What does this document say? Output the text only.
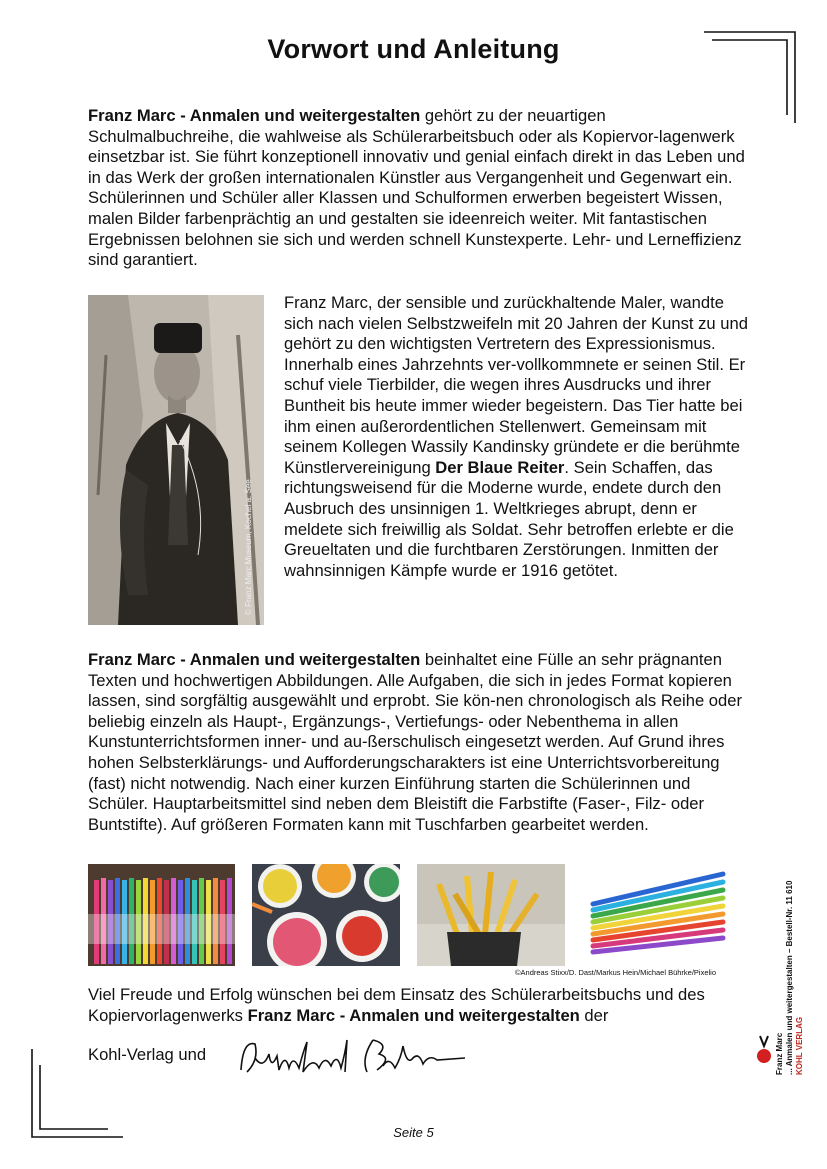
Vorwort und Anleitung
Franz Marc - Anmalen und weitergestalten gehört zu der neuartigen Schulmalbuchreihe, die wahlweise als Schülerarbeitsbuch oder als Kopiervor-lagenwerk einsetzbar ist. Sie führt konzeptionell innovativ und genial einfach direkt in das Leben und in das Werk der großen internationalen Künstler aus Vergangenheit und Gegenwart ein. Schülerinnen und Schüler aller Klassen und Schulformen erwerben begeistert Wissen, malen Bilder farbenprächtig an und gestalten sie ideenreich weiter. Mit fantastischen Ergebnissen belohnen sie sich und werden schnell Kunstexperte. Lehr- und Lerneffizienz sind garantiert.
© Franz Marc Museum, Kochel a. See
Franz Marc, der sensible und zurückhaltende Maler, wandte sich nach vielen Selbstzweifeln mit 20 Jahren der Kunst zu und gehört zu den wichtigsten Vertretern des Expressionismus. Innerhalb eines Jahrzehnts ver-vollkommnete er seinen Stil. Er schuf viele Tierbilder, die wegen ihres Ausdrucks und ihrer Buntheit bis heute immer wieder begeistern. Das Tier hatte bei ihm einen außerordentlichen Stellenwert. Gemeinsam mit seinem Kollegen Wassily Kandinsky gründete er die berühmte Künstlervereinigung Der Blaue Reiter. Sein Schaffen, das richtungsweisend für die Moderne wurde, endete durch den Ausbruch des unsinnigen 1. Weltkrieges abrupt, denn er meldete sich freiwillig als Soldat. Sehr betroffen erlebte er die Greueltaten und die furchtbaren Zerstörungen. Inmitten der wahnsinnigen Kämpfe wurde er 1916 getötet.
Franz Marc - Anmalen und weitergestalten beinhaltet eine Fülle an sehr prägnanten Texten und hochwertigen Abbildungen. Alle Aufgaben, die sich in jedes Format kopieren lassen, sind sorgfältig ausgewählt und erprobt. Sie kön-nen chronologisch als Reihe oder beliebig einzeln als Haupt-, Ergänzungs-, Vertiefungs- oder Nebenthema in allen Kunstunterrichtsformen inner- und au-ßerschulisch eingesetzt werden. Auf Grund ihres hohen Selbsterklärungs- und Aufforderungscharakters ist eine Unterrichtsvorbereitung (fast) nicht notwendig. Nach einer kurzen Einführung starten die Schülerinnen und Schüler. Hauptarbeitsmittel sind neben dem Bleistift die Farbstifte (Faser-, Filz- oder Buntstifte). Auf größeren Formaten kann mit Tuschfarben gearbeitet werden.
©Andreas Stixx/D. Dast/Markus Hein/Michael Bührke/Pixelio
Viel Freude und Erfolg wünschen bei dem Einsatz des Schülerarbeitsbuchs und des Kopiervorlagenwerks Franz Marc - Anmalen und weitergestalten der
Kohl-Verlag und	Franz Marc ... Anmalen und weitergestalten – Bestell-Nr. 11 610 KOHL VERLAG
Seite 5
